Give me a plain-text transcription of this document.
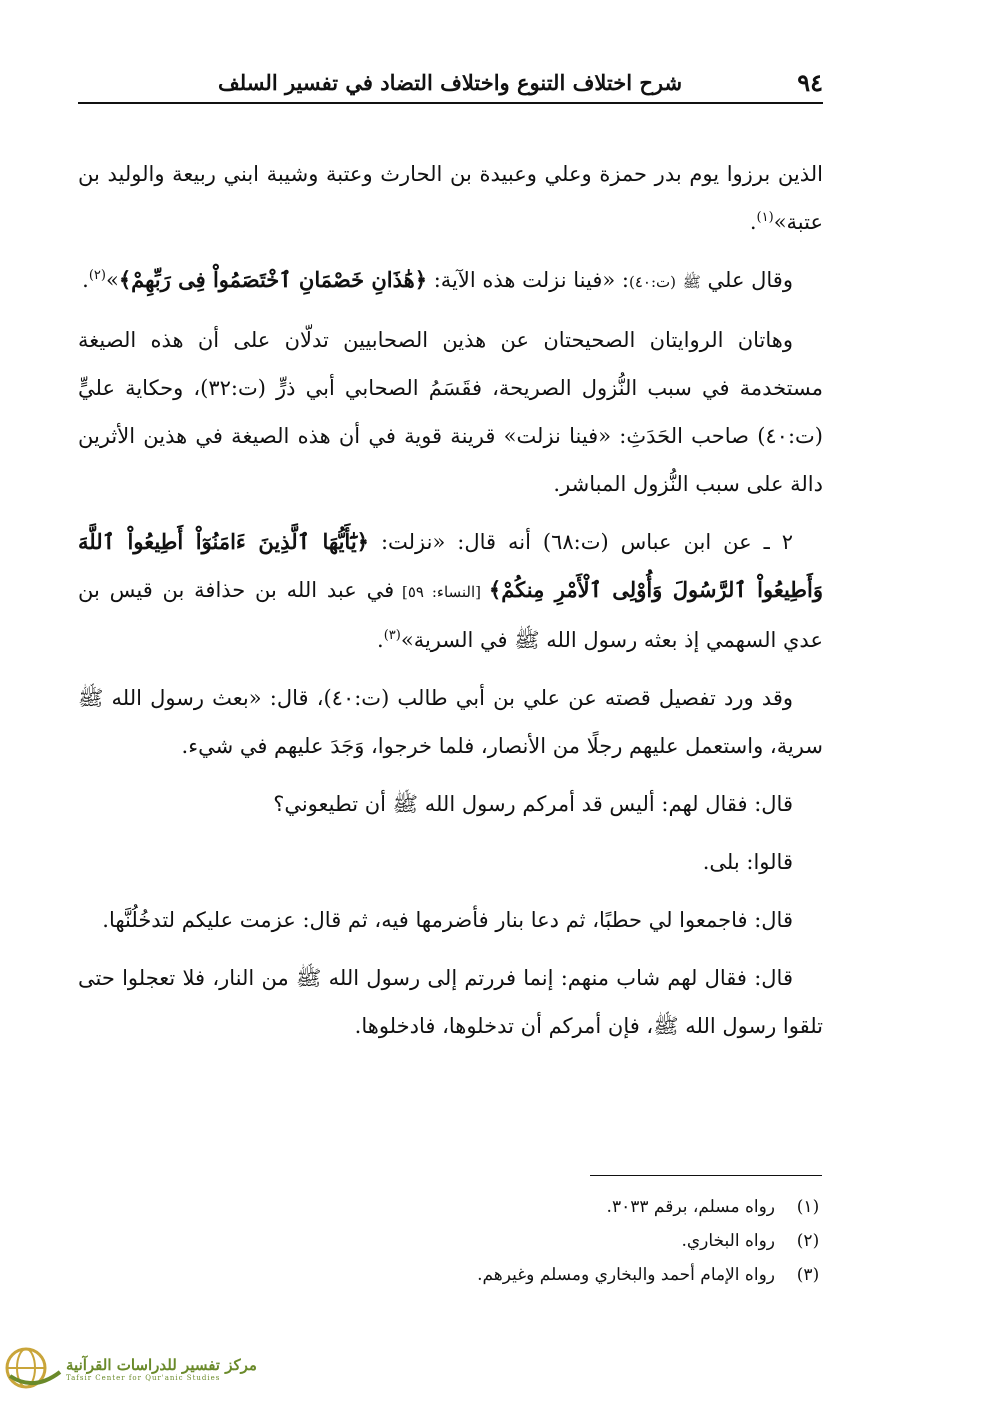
٩٤
شرح اختلاف التنوع واختلاف التضاد في تفسير السلف

الذين برزوا يوم بدر حمزة وعلي وعبيدة بن الحارث وعتبة وشيبة ابني ربيعة والوليد بن عتبة»$^{(١)}$.

وقال علي ﷺ (ت:٤٠): «فينا نزلت هذه الآية: ﴿هَٰذَانِ خَصْمَانِ ٱخْتَصَمُواْ فِى رَبِّهِمْ﴾»$^{(٢)}$.

وهاتان الروايتان الصحيحتان عن هذين الصحابيين تدلّان على أن هذه الصيغة مستخدمة في سبب النُّزول الصريحة، فقَسَمُ الصحابي أبي ذرٍّ (ت:٣٢)، وحكاية عليٍّ (ت:٤٠) صاحب الحَدَثِ: «فينا نزلت» قرينة قوية في أن هذه الصيغة في هذين الأثرين دالة على سبب النُّزول المباشر.

٢ ـ عن ابن عباس (ت:٦٨) أنه قال: «نزلت: ﴿يَٰٓأَيُّهَا ٱلَّذِينَ ءَامَنُوٓاْ أَطِيعُواْ ٱللَّهَ وَأَطِيعُواْ ٱلرَّسُولَ وَأُوْلِى ٱلْأَمْرِ مِنكُمْ﴾ [النساء: ٥٩] في عبد الله بن حذافة بن قيس بن عدي السهمي إذ بعثه رسول الله ﷺ في السرية»$^{(٣)}$.

وقد ورد تفصيل قصته عن علي بن أبي طالب (ت:٤٠)، قال: «بعث رسول الله ﷺ سرية، واستعمل عليهم رجلًا من الأنصار، فلما خرجوا، وَجَدَ عليهم في شيء.

قال: فقال لهم: أليس قد أمركم رسول الله ﷺ أن تطيعوني؟

قالوا: بلى.

قال: فاجمعوا لي حطبًا، ثم دعا بنار فأضرمها فيه، ثم قال: عزمت عليكم لتدخُلُنَّها.

قال: فقال لهم شاب منهم: إنما فررتم إلى رسول الله ﷺ من النار، فلا تعجلوا حتى تلقوا رسول الله ﷺ، فإن أمركم أن تدخلوها، فادخلوها.

(١)
رواه مسلم، برقم ٣٠٣٣.
(٢)
رواه البخاري.
(٣)
رواه الإمام أحمد والبخاري ومسلم وغيرهم.
مركز تفسير للدراسات القرآنية
Tafsir Center for Qur'anic Studies
